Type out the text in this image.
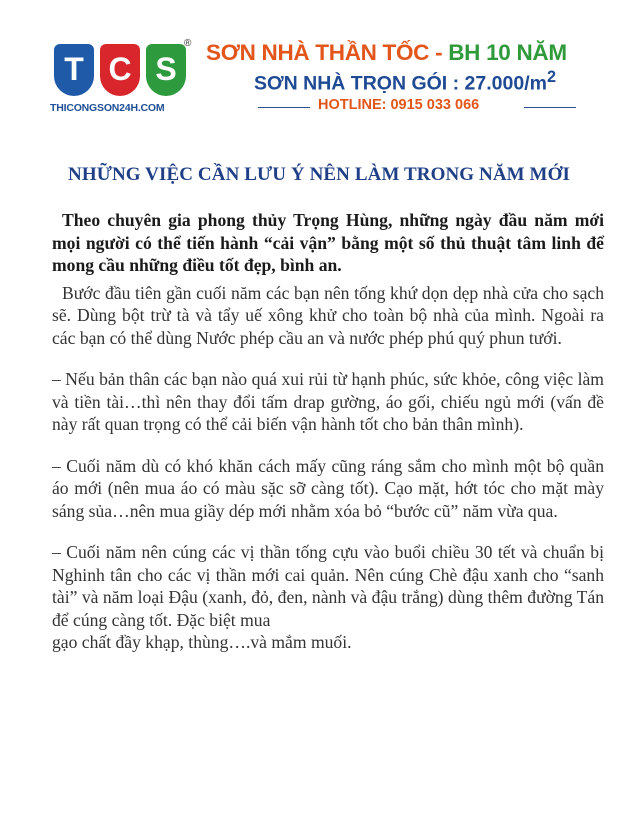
T C S
®
THICONGSON24H.COM
SƠN NHÀ THẦN TỐC - BH 10 NĂM
SƠN NHÀ TRỌN GÓI : $27.000/m^2$
HOTLINE: 0915 033 066
NHỮNG VIỆC CẦN LƯU Ý NÊN LÀM TRONG NĂM MỚI

Theo chuyên gia phong thủy Trọng Hùng, những ngày đầu năm mới mọi người có thể tiến hành “cải vận” bằng một số thủ thuật tâm linh để mong cầu những điều tốt đẹp, bình an.

Bước đầu tiên gần cuối năm các bạn nên tống khứ dọn dẹp nhà cửa cho sạch sẽ. Dùng bột trừ tà và tẩy uế xông khử cho toàn bộ nhà của mình. Ngoài ra các bạn có thể dùng Nước phép cầu an và nước phép phú quý phun tưới.

– Nếu bản thân các bạn nào quá xui rủi từ hạnh phúc, sức khỏe, công việc làm và tiền tài…thì nên thay đổi tấm drap gường, áo gối, chiếu ngủ mới (vấn đề này rất quan trọng có thể cải biến vận hành tốt cho bản thân mình).

– Cuối năm dù có khó khăn cách mấy cũng ráng sắm cho mình một bộ quần áo mới (nên mua áo có màu sặc sỡ càng tốt). Cạo mặt, hớt tóc cho mặt mày sáng sủa…nên mua giầy dép mới nhằm xóa bỏ “bước cũ” năm vừa qua.

– Cuối năm nên cúng các vị thần tống cựu vào buổi chiều 30 tết và chuẩn bị Nghinh tân cho các vị thần mới cai quản. Nên cúng Chè đậu xanh cho “sanh tài” và năm loại Đậu (xanh, đỏ, đen, nành và đậu trắng) dùng thêm đường Tán để cúng càng tốt. Đặc biệt mua

gạo chất đầy khạp, thùng….và mắm muối.
